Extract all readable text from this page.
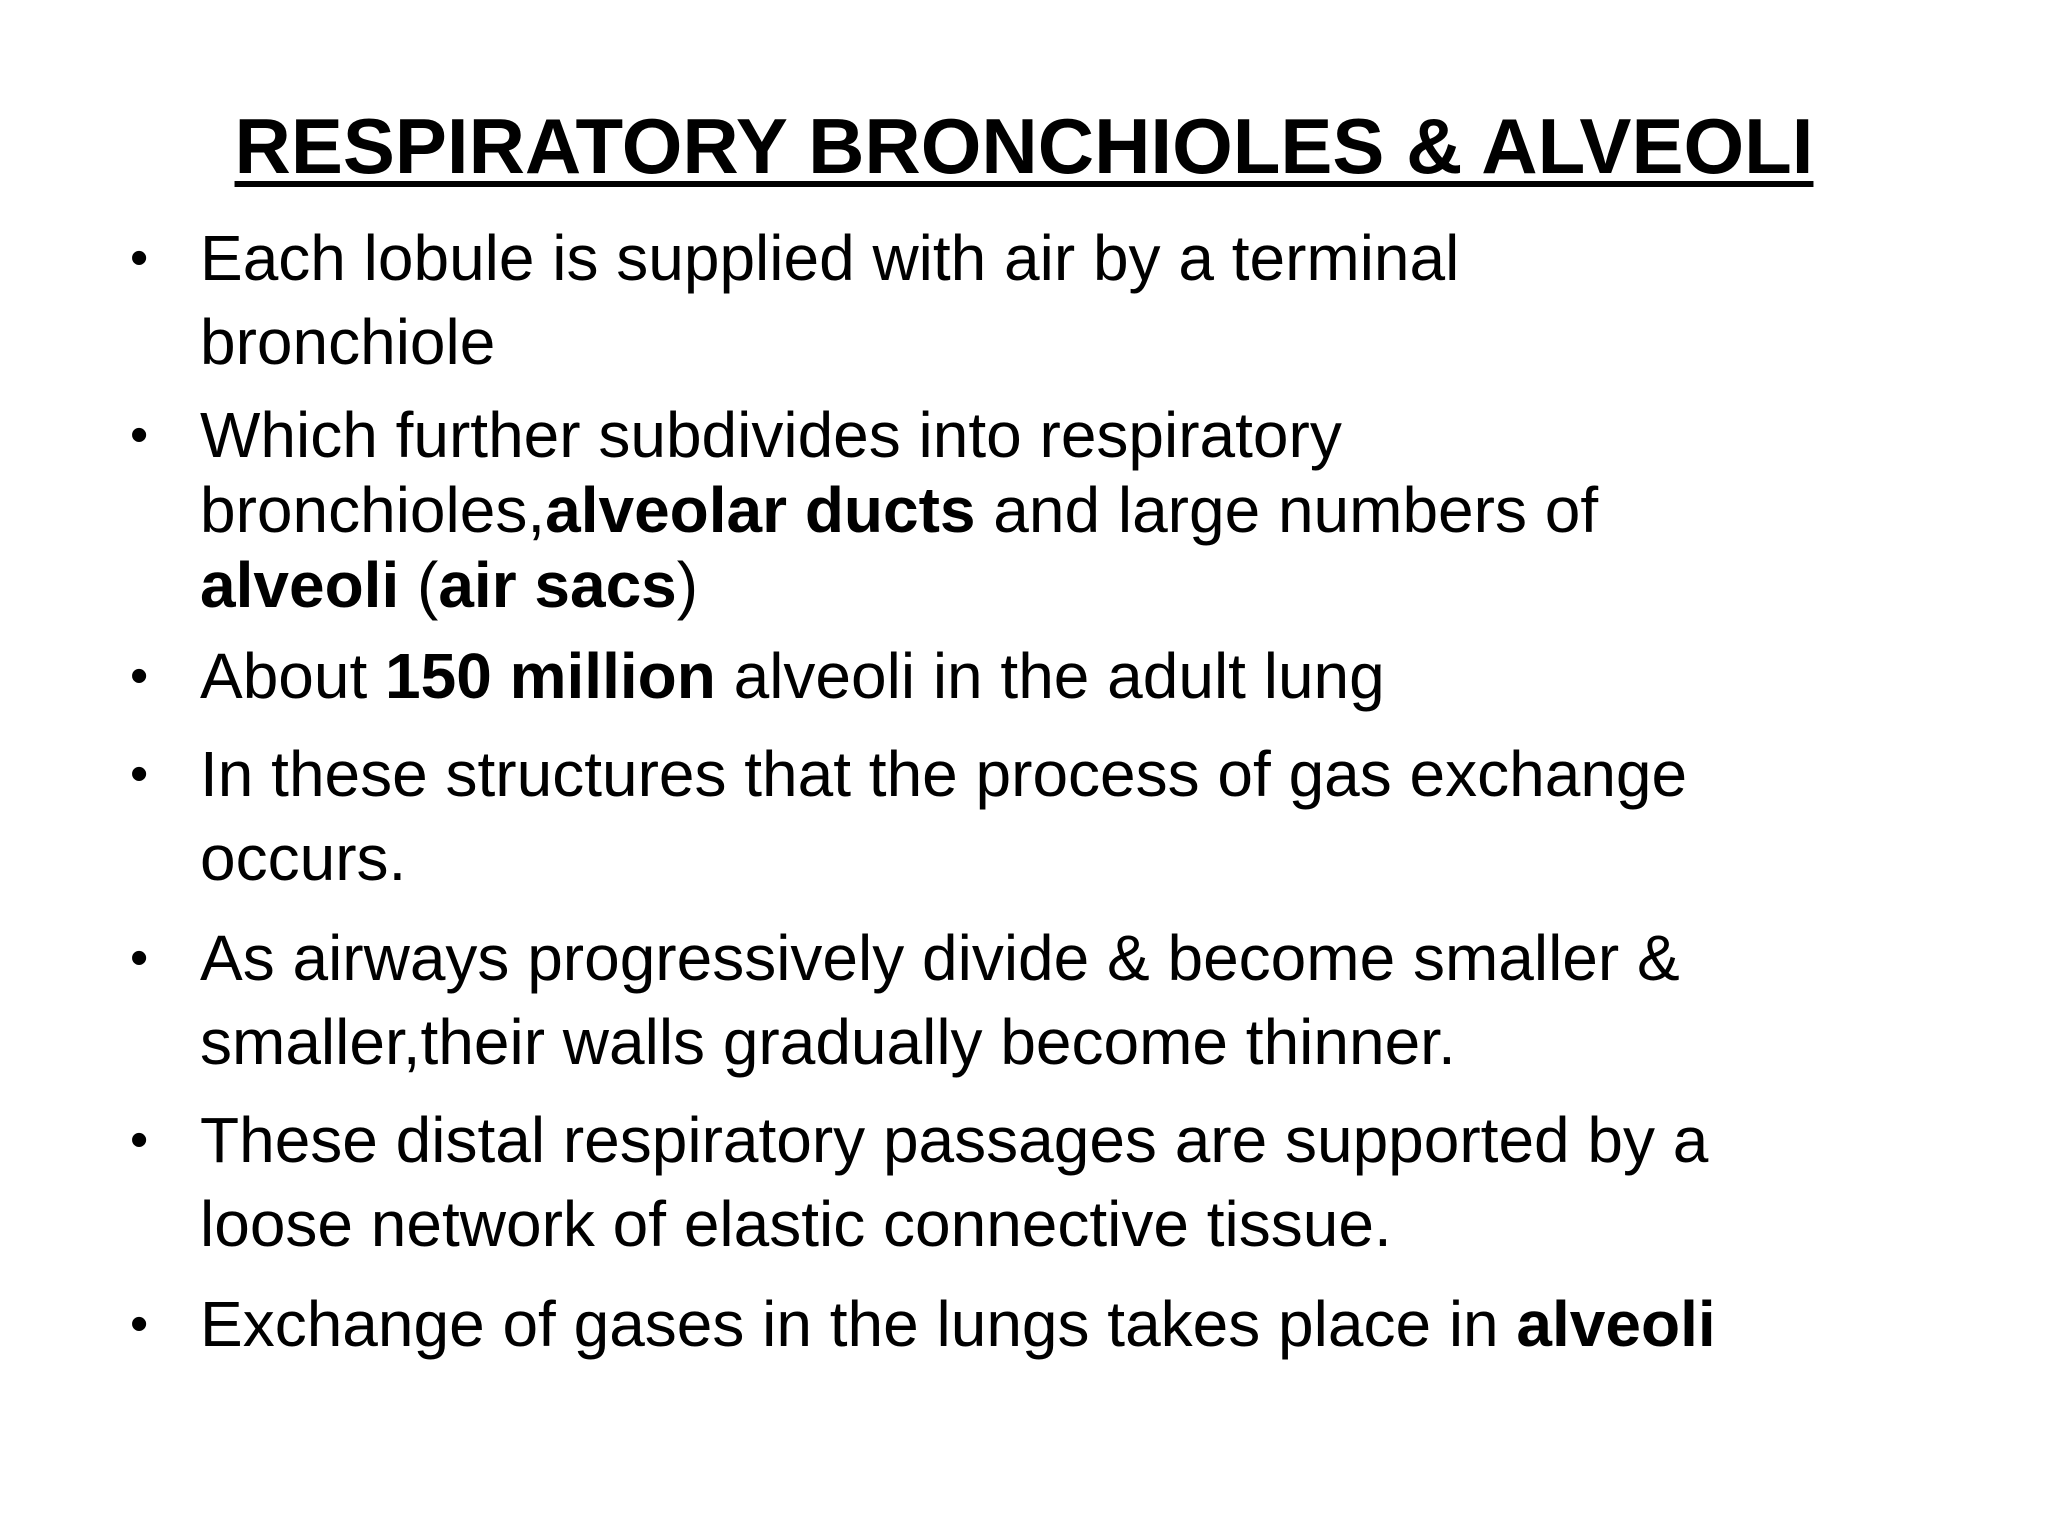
RESPIRATORY BRONCHIOLES & ALVEOLI
• Each lobule is supplied with air by a terminal
bronchiole
• Which further subdivides into respiratory
bronchioles,alveolar ducts and large numbers of
alveoli (air sacs)
• About 150 million alveoli in the adult lung
• In these structures that the process of gas exchange
occurs.
• As airways progressively divide & become smaller &
smaller,their walls gradually become thinner.
• These distal respiratory passages are supported by a
loose network of elastic connective tissue.
• Exchange of gases in the lungs takes place in alveoli
